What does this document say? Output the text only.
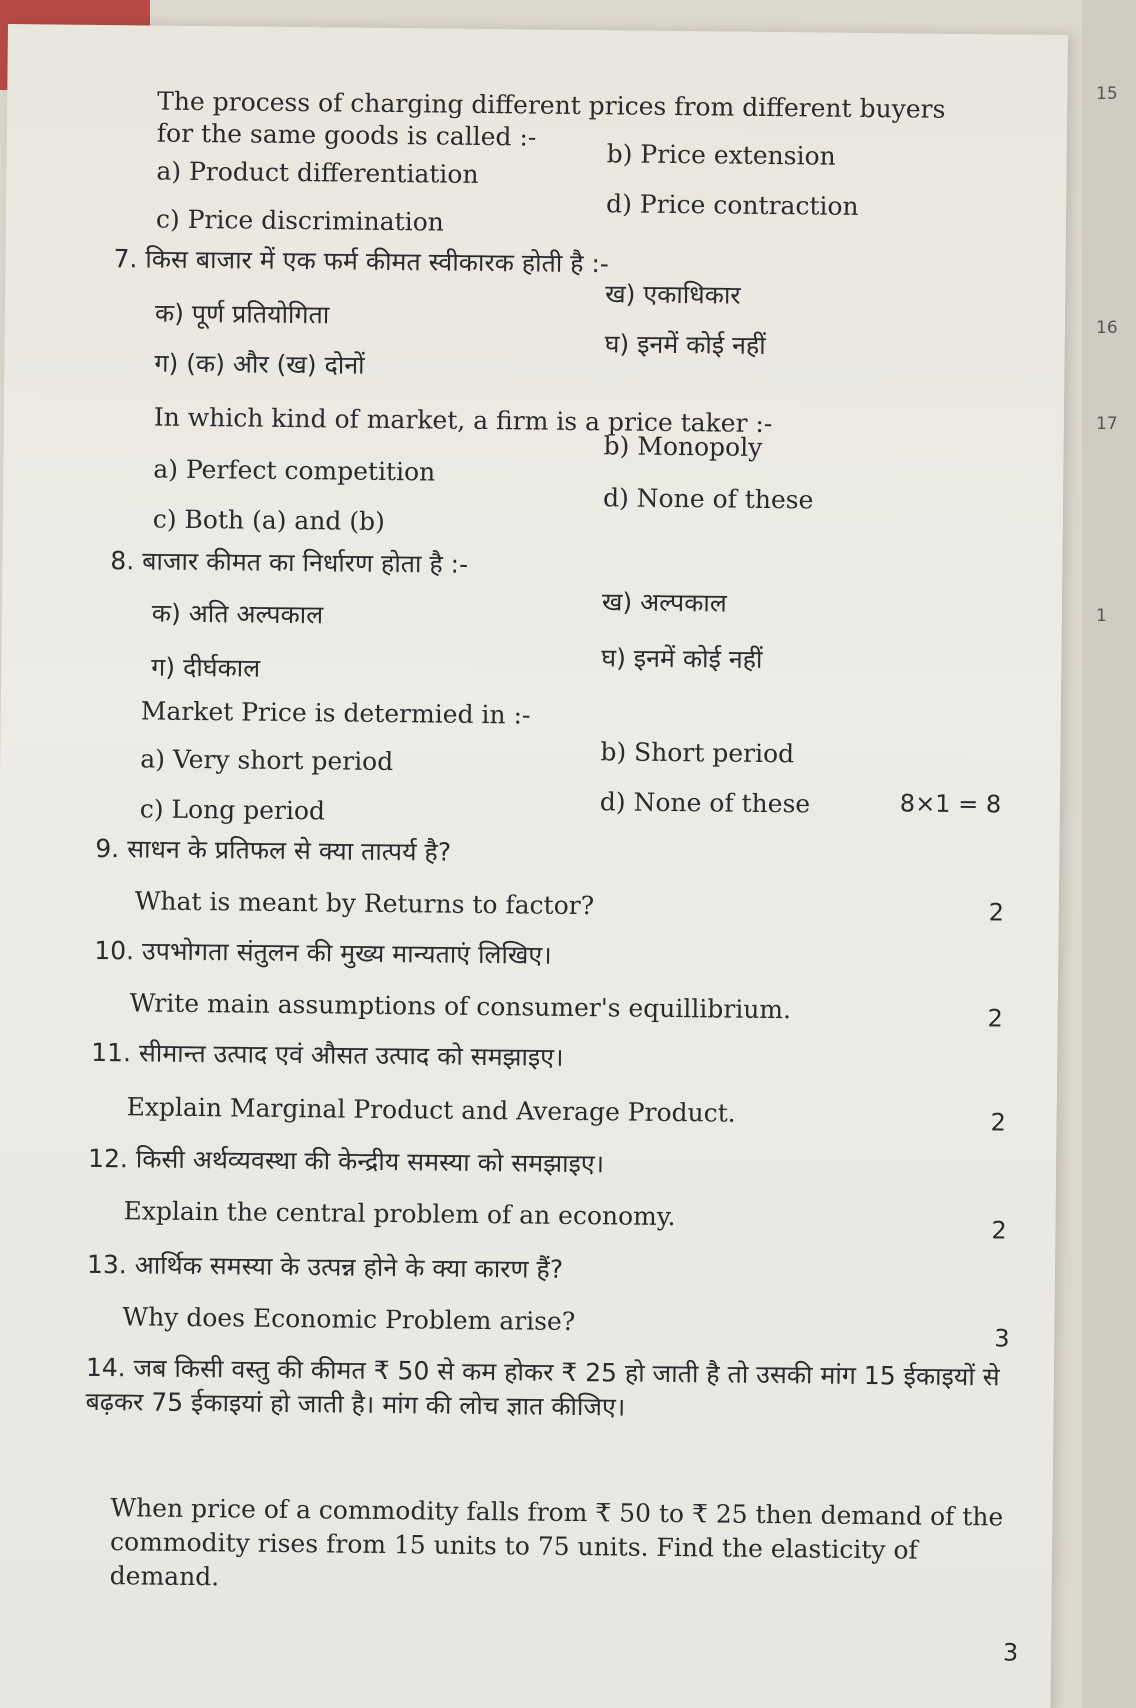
15
16
17
1
The process of charging different prices from different buyers
for the same goods is called :-
a) Product differentiation
b) Price extension
c) Price discrimination	d) Price contraction
7. किस बाजार में एक फर्म कीमत स्वीकारक होती है :-
क) पूर्ण प्रतियोगिता
ख) एकाधिकार
ग) (क) और (ख) दोनों
घ) इनमें कोई नहीं
In which kind of market, a firm is a price taker :-
a) Perfect competition
b) Monopoly
c) Both (a) and (b)
d) None of these
8. बाजार कीमत का निर्धारण होता है :-
क) अति अल्पकाल	ख) अल्पकाल
ग) दीर्घकाल	घ) इनमें कोई नहीं
Market Price is determied in :-
a) Very short period	b) Short period
c) Long period	d) None of these	8×1 = 8
9. साधन के प्रतिफल से क्या तात्पर्य है?
What is meant by Returns to factor?	2
10. उपभोगता संतुलन की मुख्य मान्यताएं लिखिए।
Write main assumptions of consumer's equillibrium.	2
11. सीमान्त उत्पाद एवं औसत उत्पाद को समझाइए।
Explain Marginal Product and Average Product.	2
12. किसी अर्थव्यवस्था की केन्द्रीय समस्या को समझाइए।
Explain the central problem of an economy.	2
13. आर्थिक समस्या के उत्पन्न होने के क्या कारण हैं?
Why does Economic Problem arise?
3
14. जब किसी वस्तु की कीमत ₹ 50 से कम होकर ₹ 25 हो जाती है तो उसकी मांग 15 ईकाइयों से बढ़कर 75 ईकाइयां हो जाती है। मांग की लोच ज्ञात कीजिए।
When price of a commodity falls from ₹ 50 to ₹ 25 then demand of the commodity rises from 15 units to 75 units. Find the elasticity of demand.
3
